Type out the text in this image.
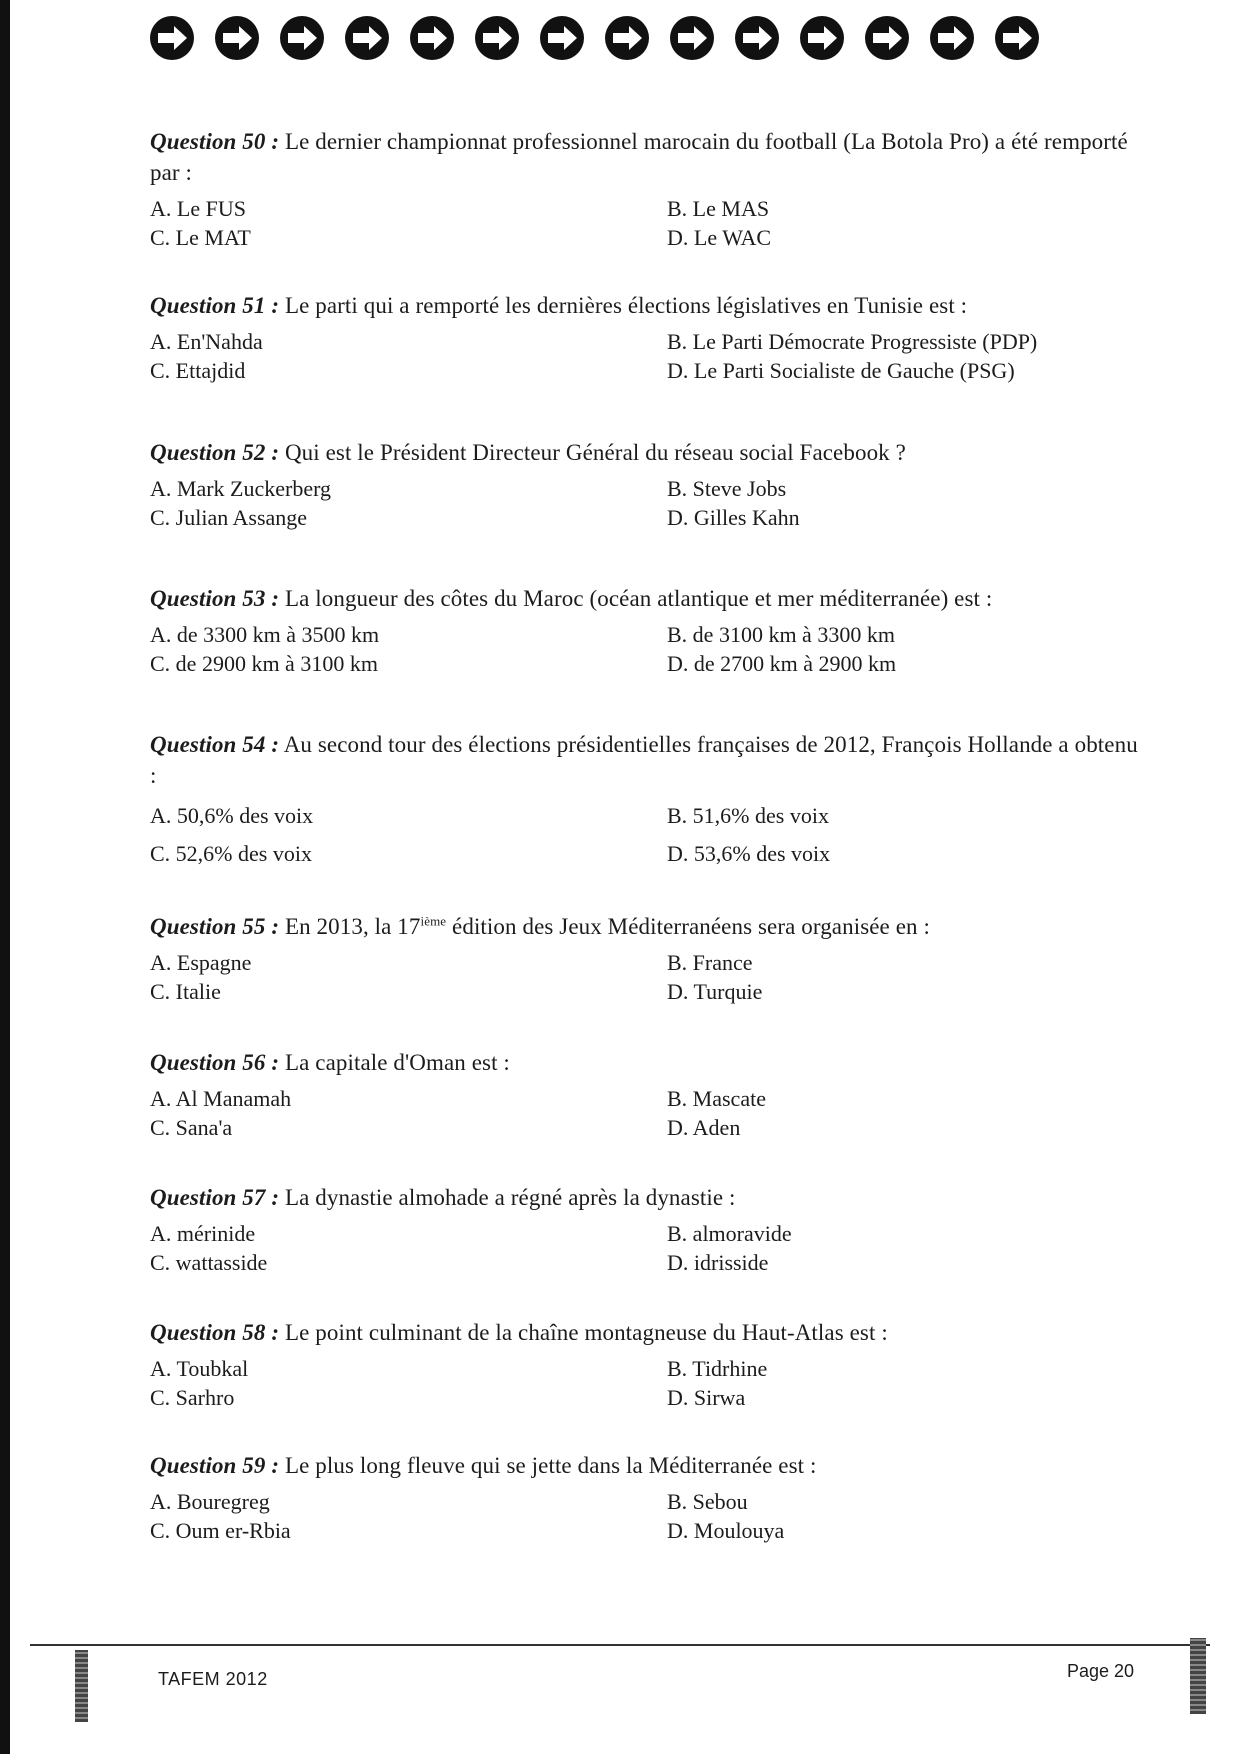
Question 50 : Le dernier championnat professionnel marocain du football (La Botola Pro) a été remporté par :
A. Le FUS	B. Le MAS
C. Le MAT	D. Le WAC
Question 51 : Le parti qui a remporté les dernières élections législatives en Tunisie est :
A. En'Nahda	B. Le Parti Démocrate Progressiste (PDP)
C. Ettajdid	D. Le Parti Socialiste de Gauche (PSG)
Question 52 : Qui est le Président Directeur Général du réseau social Facebook ?
A. Mark Zuckerberg	B. Steve Jobs
C. Julian Assange	D. Gilles Kahn
Question 53 : La longueur des côtes du Maroc (océan atlantique et mer méditerranée) est :
A. de 3300 km à 3500 km	B. de 3100 km à 3300 km
C. de 2900 km à 3100 km	D. de 2700 km à 2900 km
Question 54 : Au second tour des élections présidentielles françaises de 2012, François Hollande a obtenu :
A. 50,6% des voix	B. 51,6% des voix
C. 52,6% des voix	D. 53,6% des voix
Question 55 : En 2013, la 17ième édition des Jeux Méditerranéens sera organisée en :
A. Espagne	B. France
C. Italie	D. Turquie
Question 56 : La capitale d'Oman est :
A. Al Manamah	B. Mascate
C. Sana'a	D. Aden
Question 57 : La dynastie almohade a régné après la dynastie :
A. mérinide	B. almoravide
C. wattasside	D. idrisside
Question 58 : Le point culminant de la chaîne montagneuse du Haut-Atlas est :
A. Toubkal	B. Tidrhine
C. Sarhro	D. Sirwa
Question 59 : Le plus long fleuve qui se jette dans la Méditerranée est :
A. Bouregreg	B. Sebou
C. Oum er-Rbia	D. Moulouya
TAFEM 2012	Page 20
